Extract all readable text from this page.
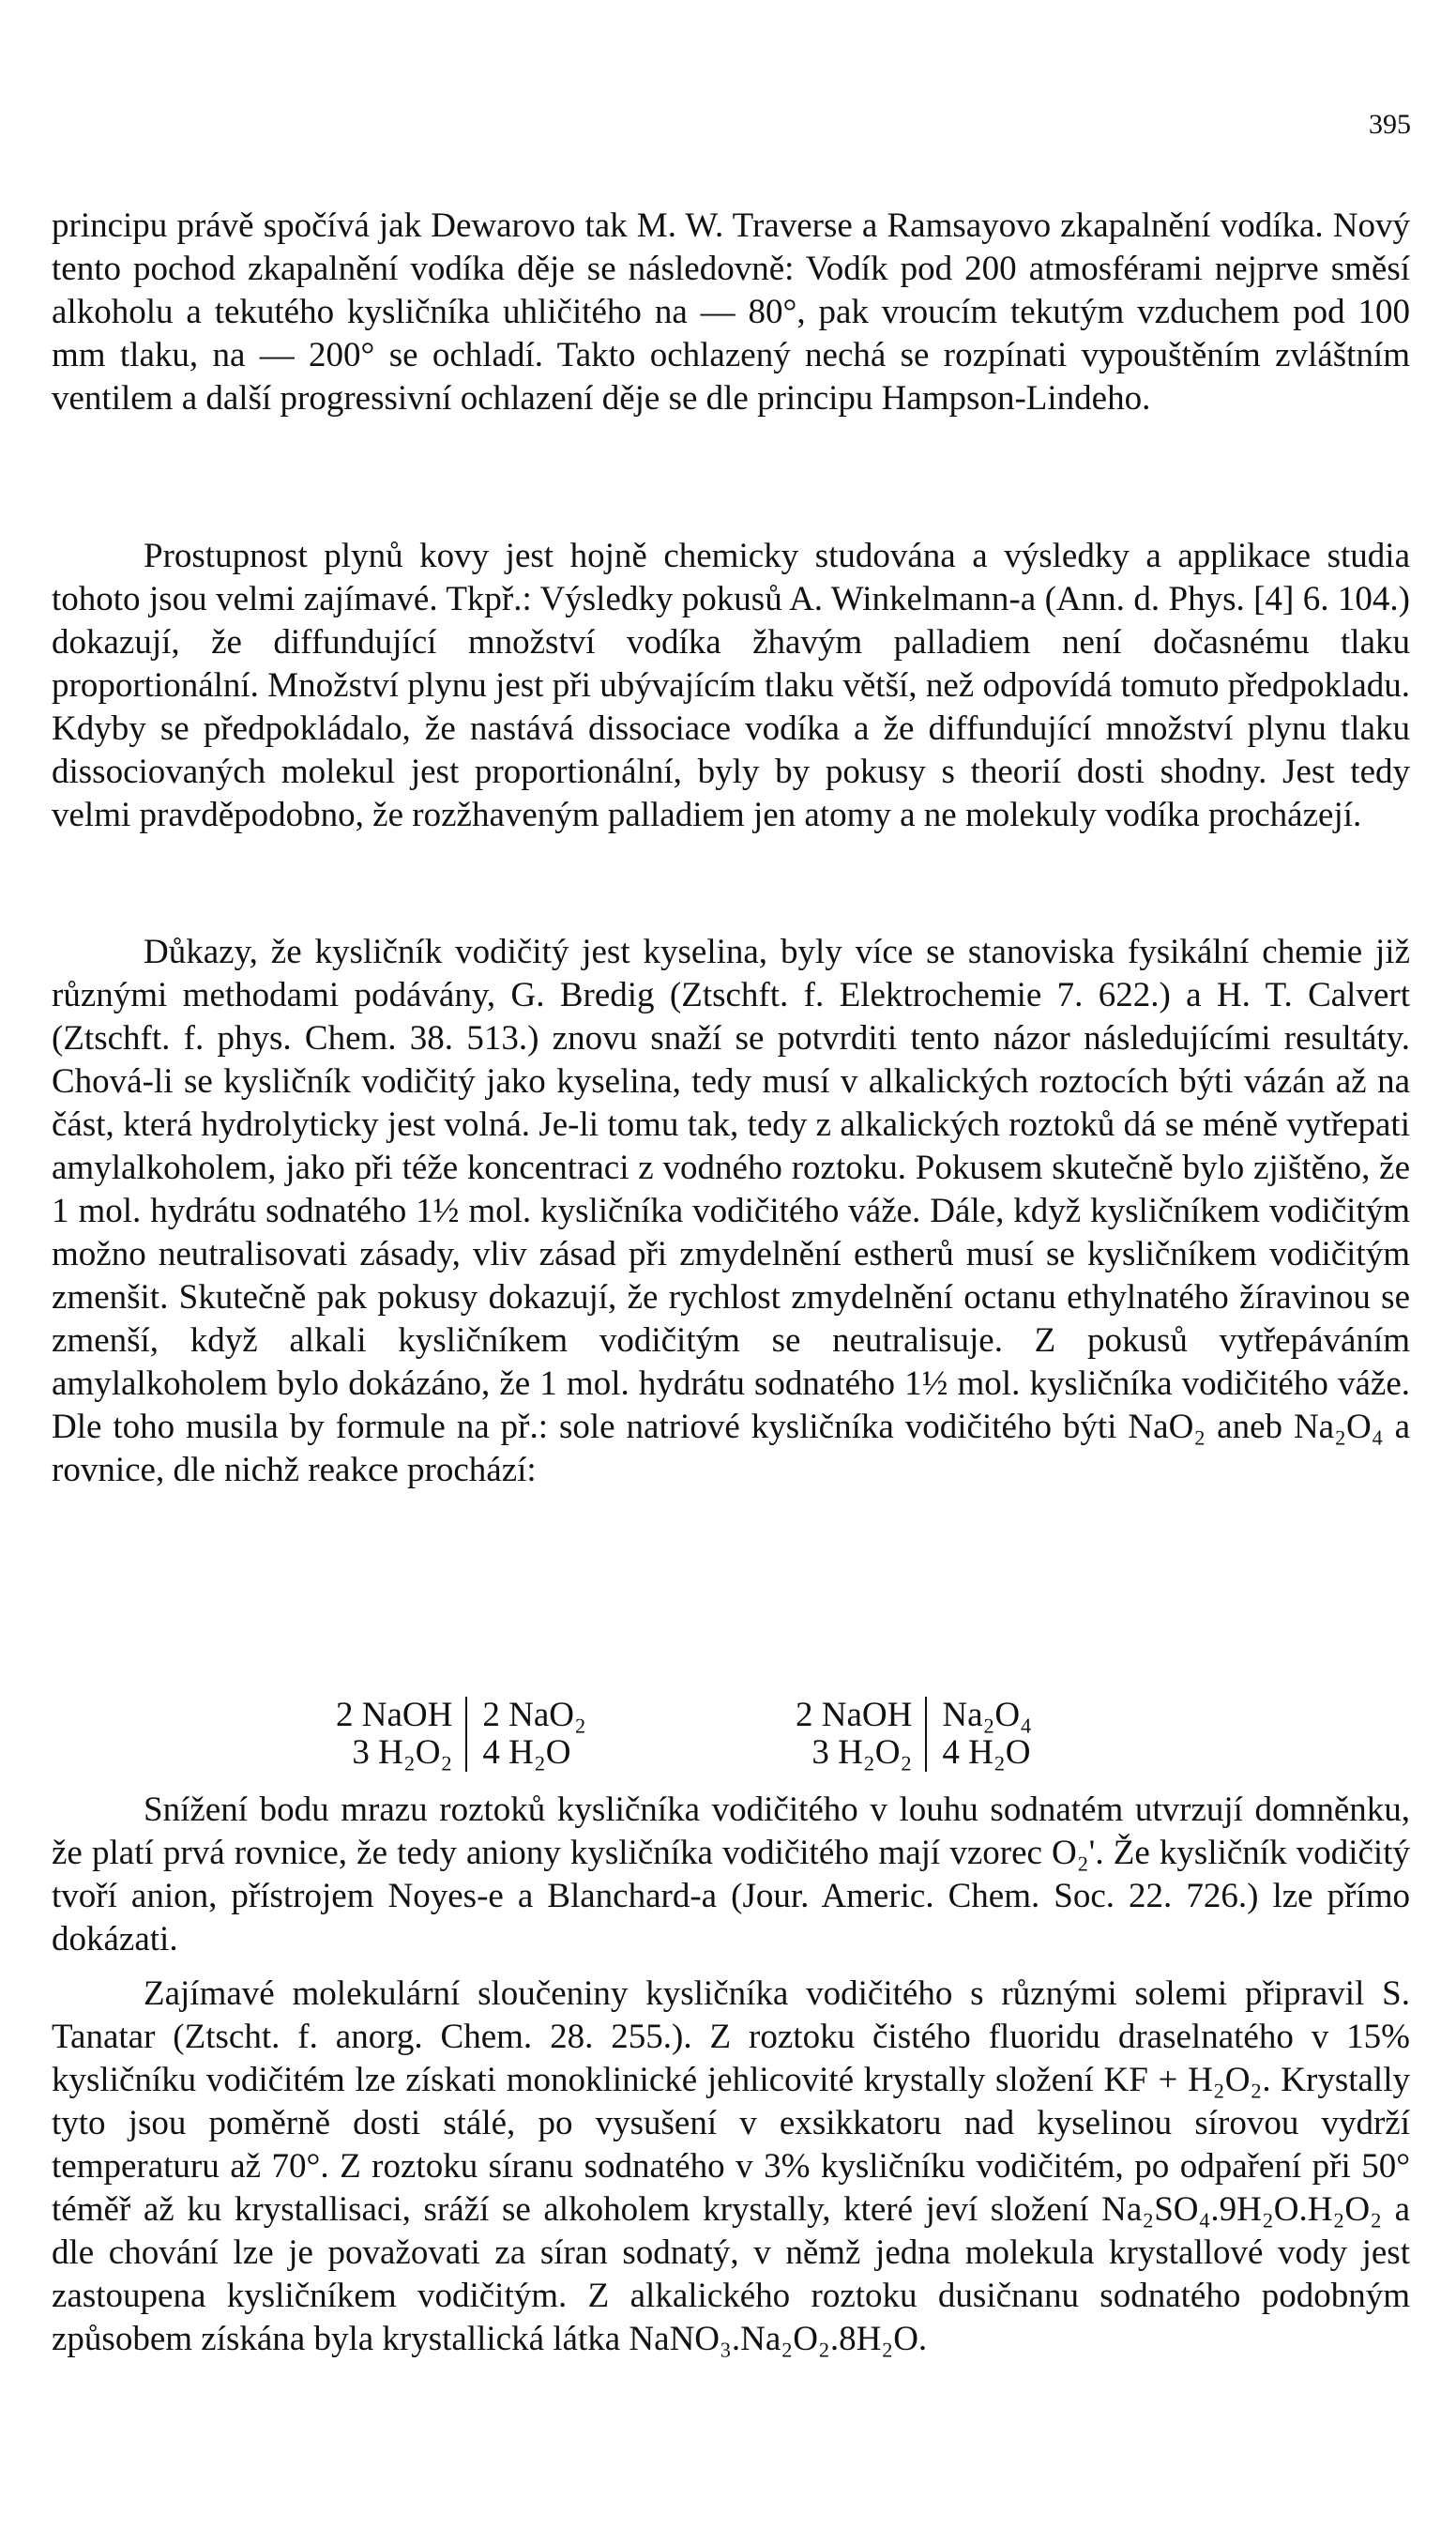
395

principu právě spočívá jak Dewarovo tak M. W. Traverse a Ramsayovo zkapalnění vodíka. Nový tento pochod zkapalnění vodíka děje se následovně: Vodík pod 200 atmosférami nejprve směsí alkoholu a tekutého kysličníka uhličitého na — 80°, pak vroucím tekutým vzduchem pod 100 mm tlaku, na — 200° se ochladí. Takto ochlazený nechá se rozpínati vypouštěním zvláštním ventilem a další progressivní ochlazení děje se dle principu Hampson-Lindeho.

Prostupnost plynů kovy jest hojně chemicky studována a výsledky a applikace studia tohoto jsou velmi zajímavé. Tkpř.: Výsledky pokusů A. Winkelmann-a (Ann. d. Phys. [4] 6. 104.) dokazují, že diffundující množství vodíka žhavým palladiem není dočasnému tlaku proportionální. Množství plynu jest při ubývajícím tlaku větší, než odpovídá tomuto předpokladu. Kdyby se předpokládalo, že nastává dissociace vodíka a že diffundující množství plynu tlaku dissociovaných molekul jest proportionální, byly by pokusy s theorií dosti shodny. Jest tedy velmi pravděpodobno, že rozžhaveným palladiem jen atomy a ne molekuly vodíka procházejí.

Důkazy, že kysličník vodičitý jest kyselina, byly více se stanoviska fysikální chemie již různými methodami podávány, G. Bredig (Ztschft. f. Elektrochemie 7. 622.) a H. T. Calvert (Ztschft. f. phys. Chem. 38. 513.) znovu snaží se potvrditi tento názor následujícími resultáty. Chová-li se kysličník vodičitý jako kyselina, tedy musí v alkalických roztocích býti vázán až na část, která hydrolyticky jest volná. Je-li tomu tak, tedy z alkalických roztoků dá se méně vytřepati amylalkoholem, jako při téže koncentraci z vodného roztoku. Pokusem skutečně bylo zjištěno, že 1 mol. hydrátu sodnatého 1½ mol. kysličníka vodičitého váže. Dále, když kysličníkem vodičitým možno neutralisovati zásady, vliv zásad při zmydelnění estherů musí se kysličníkem vodičitým zmenšit. Skutečně pak pokusy dokazují, že rychlost zmydelnění octanu ethylnatého žíravinou se zmenší, když alkali kysličníkem vodičitým se neutralisuje. Z pokusů vytřepáváním amylalkoholem bylo dokázáno, že 1 mol. hydrátu sodnatého 1½ mol. kysličníka vodičitého váže. Dle toho musila by formule na př.: sole natriové kysličníka vodičitého býti NaO₂ aneb Na₂O₄ a rovnice, dle nichž reakce prochází:

2 NaOH
3 H₂O₂
2 NaO₂
4 H₂O
2 NaOH
3 H₂O₂
Na₂O₄
4 H₂O

Snížení bodu mrazu roztoků kysličníka vodičitého v louhu sodnatém utvrzují domněnku, že platí prvá rovnice, že tedy aniony kysličníka vodičitého mají vzorec O₂'. Že kysličník vodičitý tvoří anion, přístrojem Noyes-e a Blanchard-a (Jour. Americ. Chem. Soc. 22. 726.) lze přímo dokázati.

Zajímavé molekulární sloučeniny kysličníka vodičitého s různými solemi připravil S. Tanatar (Ztscht. f. anorg. Chem. 28. 255.). Z roztoku čistého fluoridu draselnatého v 15% kysličníku vodičitém lze získati monoklinické jehlicovité krystally složení KF + H₂O₂. Krystally tyto jsou poměrně dosti stálé, po vysušení v exsikkatoru nad kyselinou sírovou vydrží temperaturu až 70°. Z roztoku síranu sodnatého v 3% kysličníku vodičitém, po odpaření při 50° téměř až ku krystallisaci, sráží se alkoholem krystally, které jeví složení Na₂SO₄.9H₂O.H₂O₂ a dle chování lze je považovati za síran sodnatý, v němž jedna molekula krystallové vody jest zastoupena kysličníkem vodičitým. Z alkalického roztoku dusičnanu sodnatého podobným způsobem získána byla krystallická látka NaNO₃.Na₂O₂.8H₂O.
